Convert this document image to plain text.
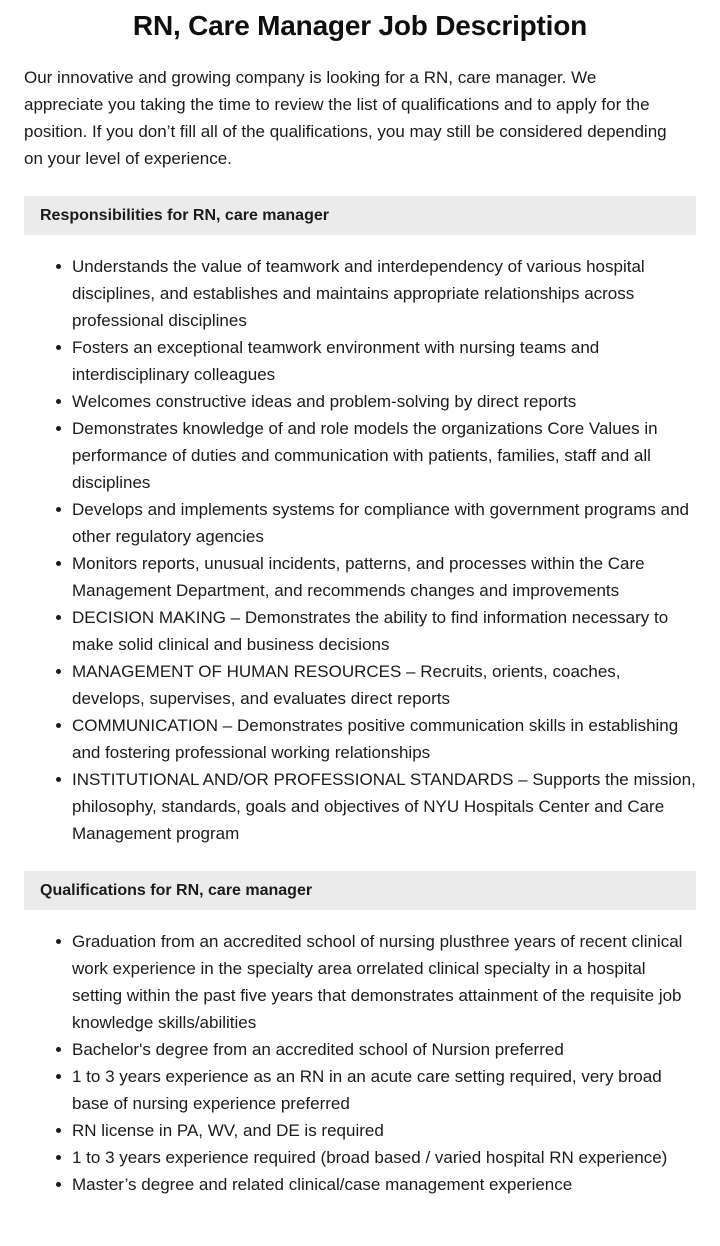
RN, Care Manager Job Description

Our innovative and growing company is looking for a RN, care manager. We appreciate you taking the time to review the list of qualifications and to apply for the position. If you don’t fill all of the qualifications, you may still be considered depending on your level of experience.

Responsibilities for RN, care manager
Understands the value of teamwork and interdependency of various hospital disciplines, and establishes and maintains appropriate relationships across professional disciplines
Fosters an exceptional teamwork environment with nursing teams and interdisciplinary colleagues
Welcomes constructive ideas and problem-solving by direct reports
Demonstrates knowledge of and role models the organizations Core Values in performance of duties and communication with patients, families, staff and all disciplines
Develops and implements systems for compliance with government programs and other regulatory agencies
Monitors reports, unusual incidents, patterns, and processes within the Care Management Department, and recommends changes and improvements
DECISION MAKING – Demonstrates the ability to find information necessary to make solid clinical and business decisions
MANAGEMENT OF HUMAN RESOURCES – Recruits, orients, coaches, develops, supervises, and evaluates direct reports
COMMUNICATION – Demonstrates positive communication skills in establishing and fostering professional working relationships
INSTITUTIONAL AND/OR PROFESSIONAL STANDARDS – Supports the mission, philosophy, standards, goals and objectives of NYU Hospitals Center and Care Management program
Qualifications for RN, care manager
Graduation from an accredited school of nursing plusthree years of recent clinical work experience in the specialty area orrelated clinical specialty in a hospital setting within the past five years that demonstrates attainment of the requisite job knowledge skills/abilities
Bachelor's degree from an accredited school of Nursion preferred
1 to 3 years experience as an RN in an acute care setting required, very broad base of nursing experience preferred
RN license in PA, WV, and DE is required
1 to 3 years experience required (broad based / varied hospital RN experience)
Master’s degree and related clinical/case management experience
